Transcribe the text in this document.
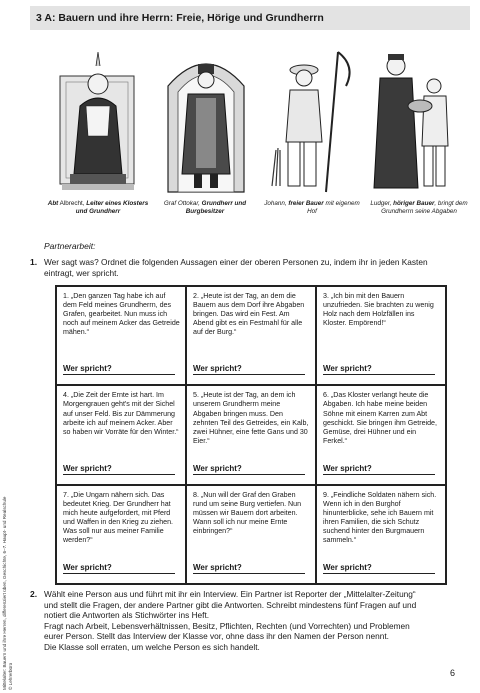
3 A: Bauern und ihre Herrn: Freie, Hörige und Grundherrn
Abt Albrecht, Leiter eines Klosters und Grundherr
Graf Ottokar, Grundherr und Burgbesitzer
Johann, freier Bauer mit eigenem Hof
Ludger, höriger Bauer, bringt dem Grundherrn seine Abgaben
Partnerarbeit:
1. Wer sagt was? Ordnet die folgenden Aussagen einer der oberen Personen zu, indem ihr in jeden Kasten
eintragt, wer spricht.
1. „Den ganzen Tag habe ich auf dem Feld meines Grundherrn, des Grafen, gearbeitet. Nun muss ich noch auf meinem Acker das Getreide mähen.“
Wer spricht?
2. „Heute ist der Tag, an dem die Bauern aus dem Dorf ihre Abgaben bringen. Das wird ein Fest. Am Abend gibt es ein Festmahl für alle auf der Burg.“
Wer spricht?
3. „Ich bin mit den Bauern unzufrieden. Sie brachten zu wenig Holz nach dem Holzfällen ins Kloster. Empörend!“
Wer spricht?
4. „Die Zeit der Ernte ist hart. Im Morgengrauen geht's mit der Sichel auf unser Feld. Bis zur Dämmerung arbeite ich auf meinem Acker. Aber so haben wir Vorräte für den Winter.“
Wer spricht?
5. „Heute ist der Tag, an dem ich unserem Grundherrn meine Abgaben bringen muss. Den zehnten Teil des Getreides, ein Kalb, zwei Hühner, eine fette Gans und 30 Eier.“
Wer spricht?
6. „Das Kloster verlangt heute die Abgaben. Ich habe meine beiden Söhne mit einem Karren zum Abt geschickt. Sie bringen ihm Getreide, Gemüse, drei Hühner und ein Ferkel.“
Wer spricht?
7. „Die Ungarn nähern sich. Das bedeutet Krieg. Der Grundherr hat mich heute aufgefordert, mit Pferd und Waffen in den Krieg zu ziehen. Was soll nur aus meiner Familie werden?“
Wer spricht?
8. „Nun will der Graf den Graben rund um seine Burg vertiefen. Nun müssen wir Bauern dort arbeiten. Wann soll ich nur meine Ernte einbringen?“
Wer spricht?
9. „Feindliche Soldaten nähern sich. Wenn ich in den Burghof hinunterblicke, sehe ich Bauern mit ihren Familien, die sich Schutz suchend hinter den Burgmauern sammeln.“
Wer spricht?
2. Wählt eine Person aus und führt mit ihr ein Interview. Ein Partner ist Reporter der „Mittelalter-Zeitung“
und stellt die Fragen, der andere Partner gibt die Antworten. Schreibt mindestens fünf Fragen auf und
notiert die Antworten als Stichwörter ins Heft.
Fragt nach Arbeit, Lebensverhältnissen, Besitz, Pflichten, Rechten (und Vorrechten) und Problemen
eurer Person. Stellt das Interview der Klasse vor, ohne dass ihr den Namen der Person nennt.
Die Klasse soll erraten, um welche Person es sich handelt.
Mittelalter: Bauern und ihre Herren, differenziert üben, Geschichte, 6–7. Haupt- und Realschule
© Lehrerbüro	6
